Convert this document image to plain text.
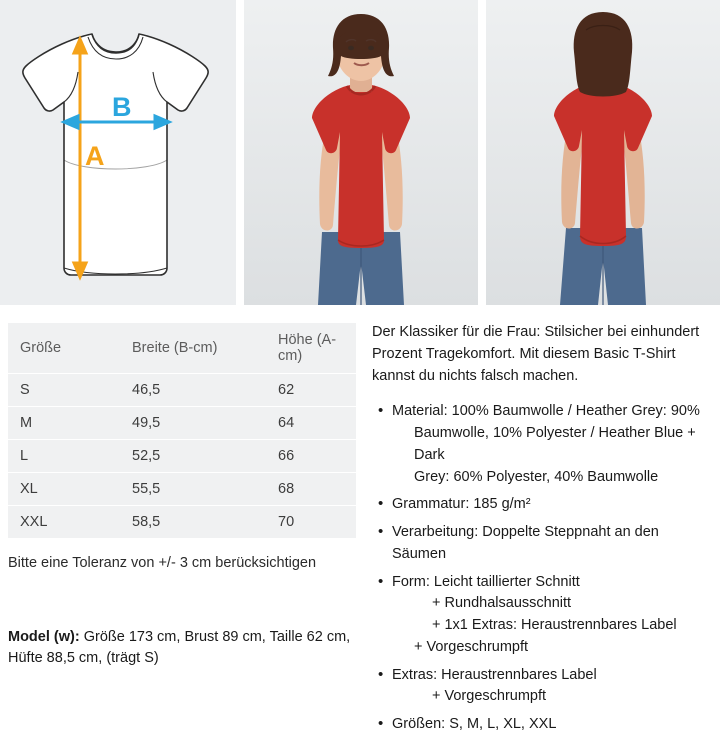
A
B
Größe	Breite (B-cm)	Höhe (A-cm)
S	46,5	62
M	49,5	64
L	52,5	66
XL	55,5	68
XXL	58,5	70
Bitte eine Toleranz von +/- 3 cm berücksichtigen
Model (w): Größe 173 cm, Brust 89 cm, Taille 62 cm,
Hüfte 88,5 cm, (trägt S)

Der Klassiker für die Frau: Stilsicher bei einhundert Prozent Tragekomfort. Mit diesem Basic T-Shirt kannst du nichts falsch machen.

• Material: 100% Baumwolle / Heather Grey: 90%
Baumwolle, 10% Polyester / Heather Blue + Dark
Grey: 60% Polyester, 40% Baumwolle
• Grammatur: 185 g/m²
• Verarbeitung: Doppelte Steppnaht an den Säumen
• Form: Leicht taillierter Schnitt
+ Rundhalsausschnitt
+ 1x1 Extras: Heraustrennbares Label
+ Vorgeschrumpft
• Extras: Heraustrennbares Label
+ Vorgeschrumpft
• Größen: S, M, L, XL, XXL
